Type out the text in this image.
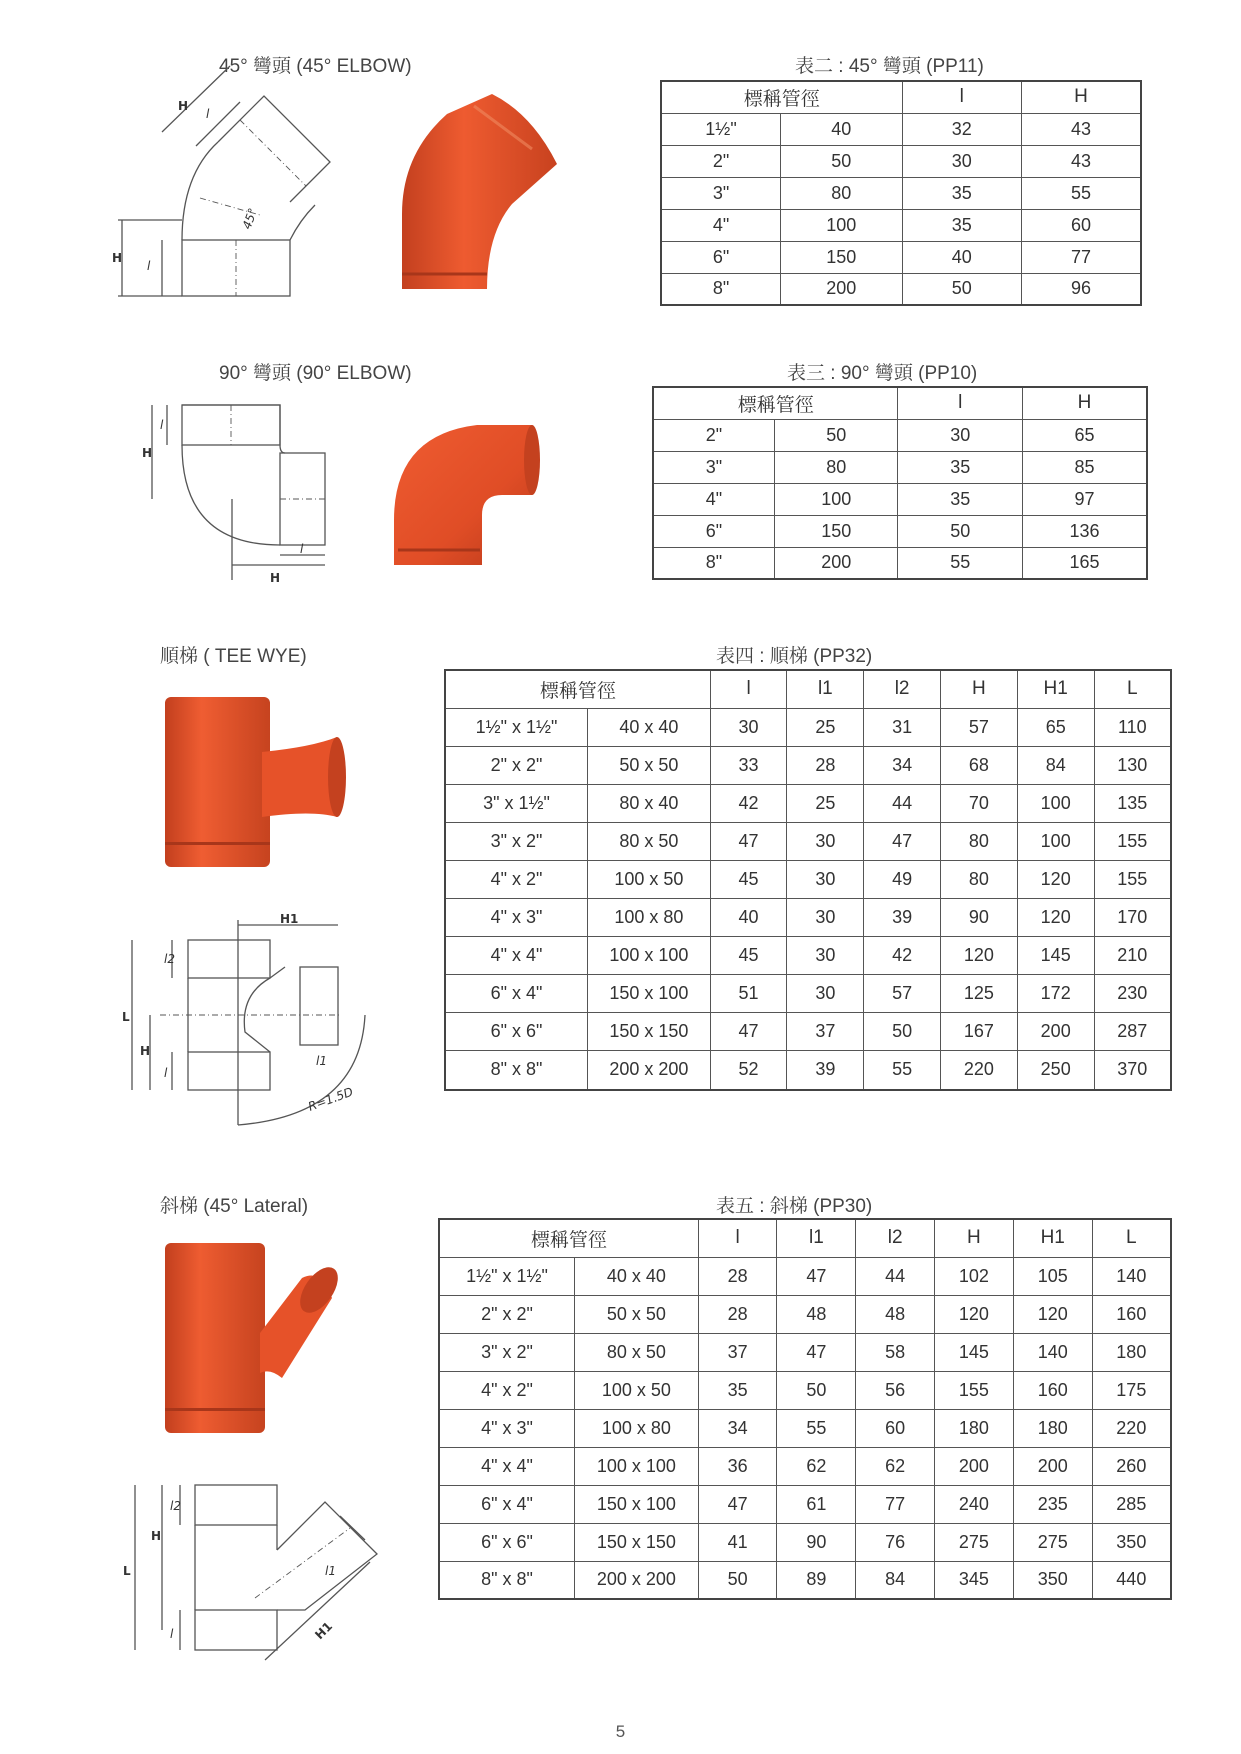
45° 彎頭 (45° ELBOW)	表二 : 45° 彎頭 (PP11)
H
l
H
l
45°
標稱管徑		l	H
1½"	40	32	43
2"	50	30	43
3"	80	35	55
4"	100	35	60
6"	150	40	77
8"	200	50	96
90° 彎頭 (90° ELBOW)	表三 : 90° 彎頭 (PP10)
H
l
H
l
標稱管徑		l	H
2"	50	30	65
3"	80	35	85
4"	100	35	97
6"	150	50	136
8"	200	55	165
順梯 ( TEE WYE)	表四 : 順梯 (PP32)
H1
L
H
l2
l
l1
R=1.5D
標稱管徑		l	l1	l2	H	H1	L
1½" x 1½"	40 x 40	30	25	31	57	65	110
2" x 2"	50 x 50	33	28	34	68	84	130
3" x 1½"	80 x 40	42	25	44	70	100	135
3" x 2"	80 x 50	47	30	47	80	100	155
4" x 2"	100 x 50	45	30	49	80	120	155
4" x 3"	100 x 80	40	30	39	90	120	170
4" x 4"	100 x 100	45	30	42	120	145	210
6" x 4"	150 x 100	51	30	57	125	172	230
6" x 6"	150 x 150	47	37	50	167	200	287
8" x 8"	200 x 200	52	39	55	220	250	370
斜梯 (45° Lateral)	表五 : 斜梯 (PP30)
L
H
l2
l
l1
H1
標稱管徑		l	l1	l2	H	H1	L
1½" x 1½"	40 x 40	28	47	44	102	105	140
2" x 2"	50 x 50	28	48	48	120	120	160
3" x 2"	80 x 50	37	47	58	145	140	180
4" x 2"	100 x 50	35	50	56	155	160	175
4" x 3"	100 x 80	34	55	60	180	180	220
4" x 4"	100 x 100	36	62	62	200	200	260
6" x 4"	150 x 100	47	61	77	240	235	285
6" x 6"	150 x 150	41	90	76	275	275	350
8" x 8"	200 x 200	50	89	84	345	350	440
5
